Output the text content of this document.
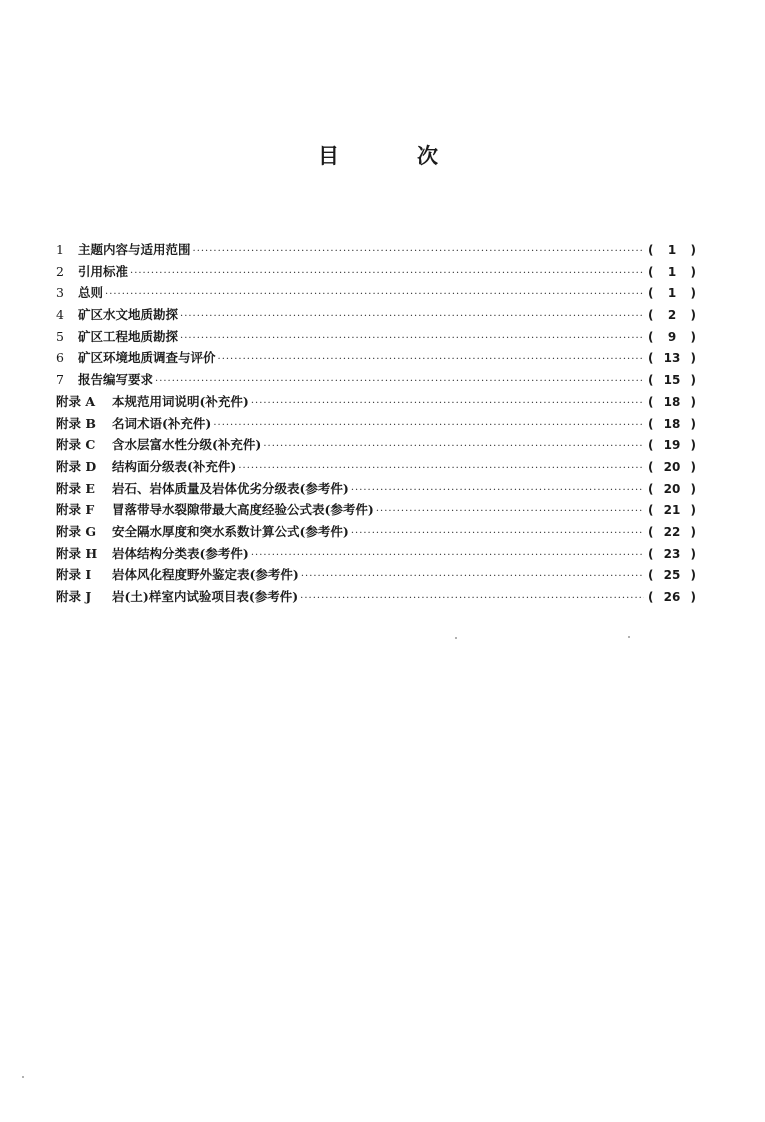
目	次
1	主题内容与适用范围 ·····	(	1	)
2	引用标准 ·····	(	1	)
3	总则 ·····	(	1	)
4	矿区水文地质勘探 ·····	(	2	)
5	矿区工程地质勘探 ·····	(	9	)
6	矿区环境地质调查与评价 ·····	( 13 )
7	报告编写要求 ·····	( 15 )
附录 A	本规范用词说明(补充件) ·····	( 18 )
附录 B	名词术语(补充件) ·····	( 18 )
附录 C	含水层富水性分级(补充件) ·····	( 19 )
附录 D	结构面分级表(补充件) ·····	( 20 )
附录 E	岩石、岩体质量及岩体优劣分级表(参考件) ·····	( 20 )
附录 F	冒落带导水裂隙带最大高度经验公式表(参考件) ·····	( 21 )
附录 G	安全隔水厚度和突水系数计算公式(参考件) ·····	( 22 )
附录 H	岩体结构分类表(参考件) ·····	( 23 )
附录 I	岩体风化程度野外鉴定表(参考件) ·····	( 25 )
附录 J	岩(土)样室内试验项目表(参考件) ·····	( 26 )
